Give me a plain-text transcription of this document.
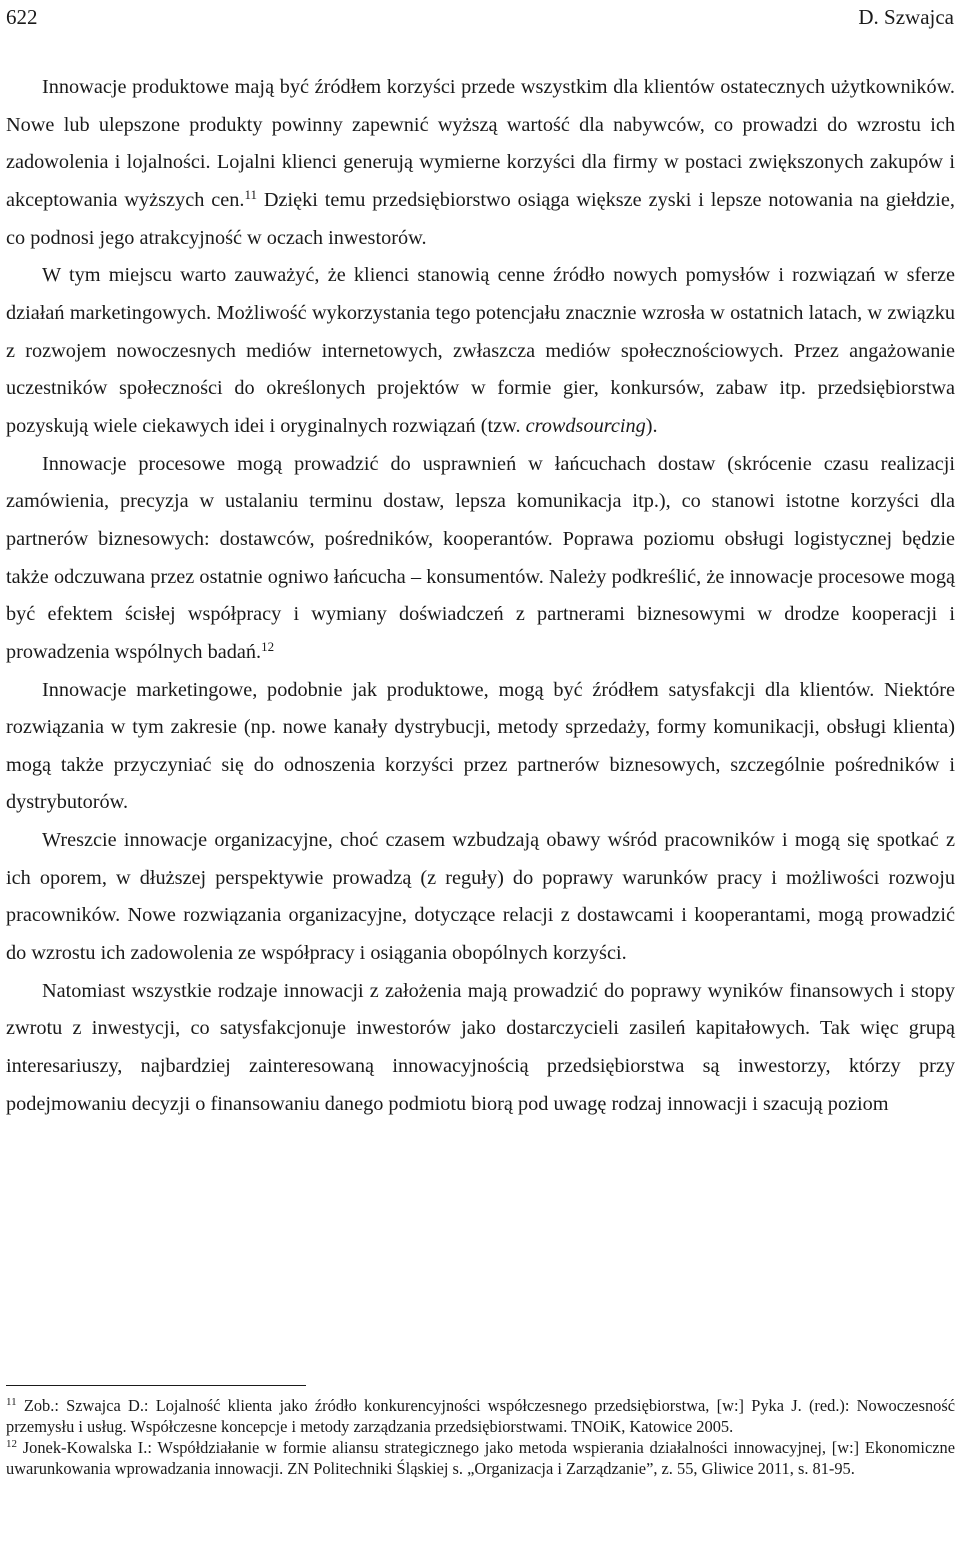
622	D. Szwajca

Innowacje produktowe mają być źródłem korzyści przede wszystkim dla klientów ostatecznych użytkowników. Nowe lub ulepszone produkty powinny zapewnić wyższą wartość dla nabywców, co prowadzi do wzrostu ich zadowolenia i lojalności. Lojalni klienci generują wymierne korzyści dla firmy w postaci zwiększonych zakupów i akceptowania wyższych cen.$^{11}$ Dzięki temu przedsiębiorstwo osiąga większe zyski i lepsze notowania na giełdzie, co podnosi jego atrakcyjność w oczach inwestorów.

W tym miejscu warto zauważyć, że klienci stanowią cenne źródło nowych pomysłów i rozwiązań w sferze działań marketingowych. Możliwość wykorzystania tego potencjału znacznie wzrosła w ostatnich latach, w związku z rozwojem nowoczesnych mediów internetowych, zwłaszcza mediów społecznościowych. Przez angażowanie uczestników społeczności do określonych projektów w formie gier, konkursów, zabaw itp. przedsiębiorstwa pozyskują wiele ciekawych idei i oryginalnych rozwiązań (tzw. crowdsourcing).

Innowacje procesowe mogą prowadzić do usprawnień w łańcuchach dostaw (skrócenie czasu realizacji zamówienia, precyzja w ustalaniu terminu dostaw, lepsza komunikacja itp.), co stanowi istotne korzyści dla partnerów biznesowych: dostawców, pośredników, kooperantów. Poprawa poziomu obsługi logistycznej będzie także odczuwana przez ostatnie ogniwo łańcucha – konsumentów. Należy podkreślić, że innowacje procesowe mogą być efektem ścisłej współpracy i wymiany doświadczeń z partnerami biznesowymi w drodze kooperacji i prowadzenia wspólnych badań.$^{12}$

Innowacje marketingowe, podobnie jak produktowe, mogą być źródłem satysfakcji dla klientów. Niektóre rozwiązania w tym zakresie (np. nowe kanały dystrybucji, metody sprzedaży, formy komunikacji, obsługi klienta) mogą także przyczyniać się do odnoszenia korzyści przez partnerów biznesowych, szczególnie pośredników i dystrybutorów.

Wreszcie innowacje organizacyjne, choć czasem wzbudzają obawy wśród pracowników i mogą się spotkać z ich oporem, w dłuższej perspektywie prowadzą (z reguły) do poprawy warunków pracy i możliwości rozwoju pracowników. Nowe rozwiązania organizacyjne, dotyczące relacji z dostawcami i kooperantami, mogą prowadzić do wzrostu ich zadowolenia ze współpracy i osiągania obopólnych korzyści.

Natomiast wszystkie rodzaje innowacji z założenia mają prowadzić do poprawy wyników finansowych i stopy zwrotu z inwestycji, co satysfakcjonuje inwestorów jako dostarczycieli zasileń kapitałowych. Tak więc grupą interesariuszy, najbardziej zainteresowaną innowacyjnością przedsiębiorstwa są inwestorzy, którzy przy podejmowaniu decyzji o finansowaniu danego podmiotu biorą pod uwagę rodzaj innowacji i szacują poziom

$^{11}$ Zob.: Szwajca D.: Lojalność klienta jako źródło konkurencyjności współczesnego przedsiębiorstwa, [w:] Pyka J. (red.): Nowoczesność przemysłu i usług. Współczesne koncepcje i metody zarządzania przedsiębiorstwami. TNOiK, Katowice 2005.

$^{12}$ Jonek-Kowalska I.: Współdziałanie w formie aliansu strategicznego jako metoda wspierania działalności innowacyjnej, [w:] Ekonomiczne uwarunkowania wprowadzania innowacji. ZN Politechniki Śląskiej s. „Organizacja i Zarządzanie”, z. 55, Gliwice 2011, s. 81-95.
